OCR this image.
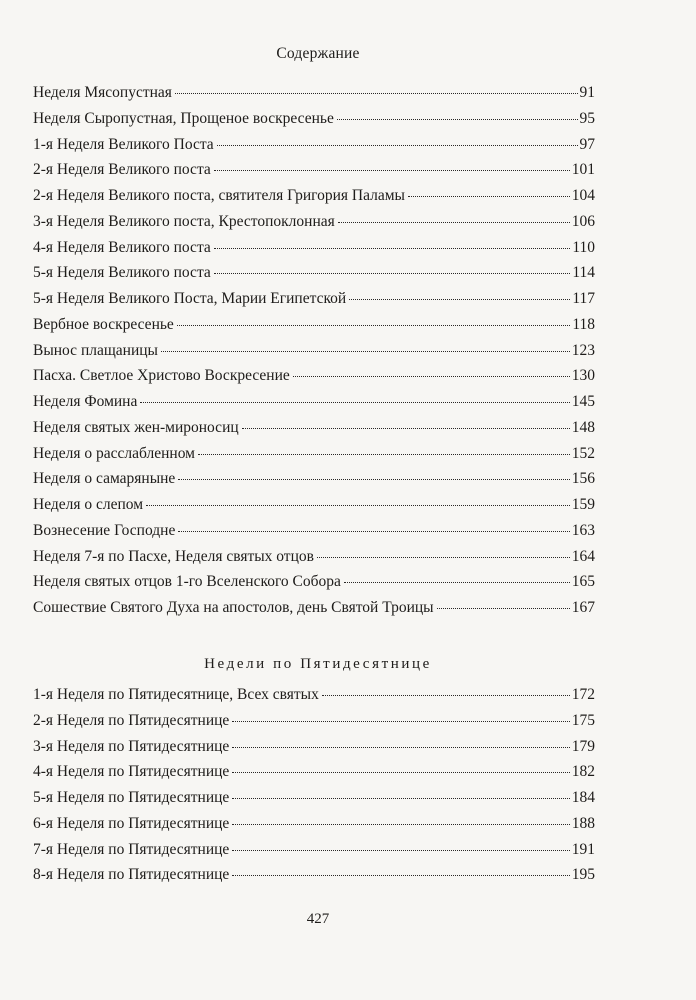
Содержание
Неделя Мясопустная	91
Неделя Сыропустная, Прощеное воскресенье	95
1-я Неделя Великого Поста	97
2-я Неделя Великого поста	101
2-я Неделя Великого поста, святителя Григория Паламы	104
3-я Неделя Великого поста, Крестопоклонная	106
4-я Неделя Великого поста	110
5-я Неделя Великого поста	114
5-я Неделя Великого Поста, Марии Египетской	117
Вербное воскресенье	118
Вынос плащаницы	123
Пасха. Светлое Христово Воскресение	130
Неделя Фомина	145
Неделя святых жен-мироносиц	148
Неделя о расслабленном	152
Неделя о самаряныне	156
Неделя о слепом	159
Вознесение Господне	163
Неделя 7-я по Пасхе, Неделя святых отцов	164
Неделя святых отцов 1-го Вселенского Собора	165
Сошествие Святого Духа на апостолов, день Святой Троицы	167
Недели по Пятидесятнице
1-я Неделя по Пятидесятнице, Всех святых	172
2-я Неделя по Пятидесятнице	175
3-я Неделя по Пятидесятнице	179
4-я Неделя по Пятидесятнице	182
5-я Неделя по Пятидесятнице	184
6-я Неделя по Пятидесятнице	188
7-я Неделя по Пятидесятнице	191
8-я Неделя по Пятидесятнице	195
427
